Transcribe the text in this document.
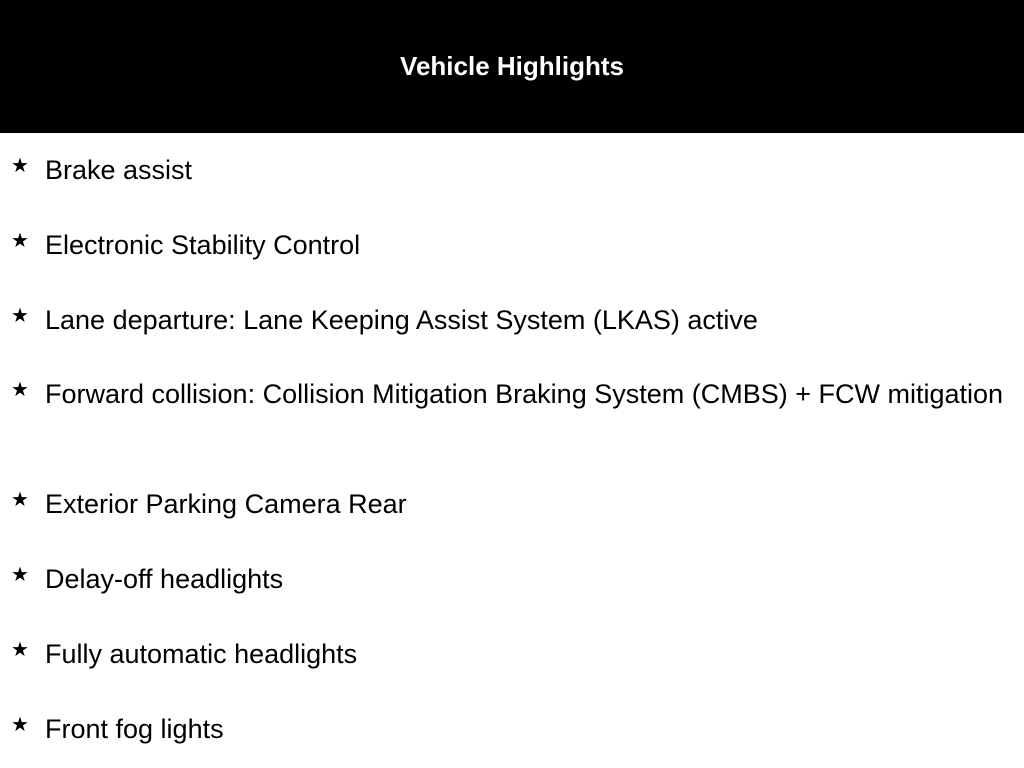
Vehicle Highlights
★ Brake assist
★ Electronic Stability Control
★ Lane departure: Lane Keeping Assist System (LKAS) active
★ Forward collision: Collision Mitigation Braking System (CMBS) + FCW mitigation
★ Exterior Parking Camera Rear
★ Delay-off headlights
★ Fully automatic headlights
★ Front fog lights
